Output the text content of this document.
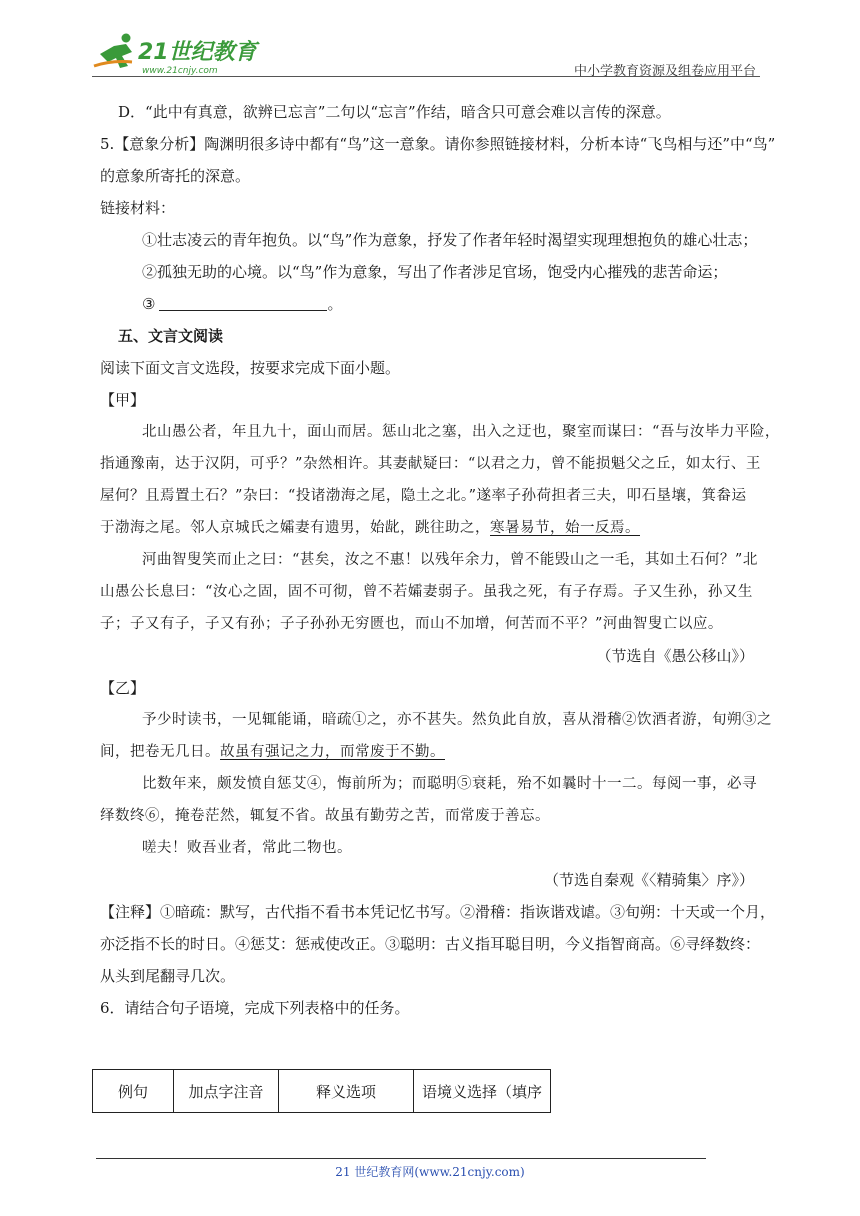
21世纪教育
www.21cnjy.com	中小学教育资源及组卷应用平台

D．“此中有真意，欲辨已忘言”二句以“忘言”作结，暗含只可意会难以言传的深意。

5.【意象分析】陶渊明很多诗中都有“鸟”这一意象。请你参照链接材料，分析本诗“飞鸟相与还”中“鸟”

的意象所寄托的深意。

链接材料：

①壮志凌云的青年抱负。以“鸟”作为意象，抒发了作者年轻时渴望实现理想抱负的雄心壮志；

②孤独无助的心境。以“鸟”作为意象，写出了作者涉足官场，饱受内心摧残的悲苦命运；

③	。

五、文言文阅读

阅读下面文言文选段，按要求完成下面小题。

【甲】

北山愚公者，年且九十，面山而居。惩山北之塞，出入之迂也，聚室而谋曰：“吾与汝毕力平险，

指通豫南，达于汉阴，可乎？”杂然相许。其妻献疑曰：“以君之力，曾不能损魁父之丘，如太行、王

屋何？且焉置土石？”杂曰：“投诸渤海之尾，隐土之北。”遂率子孙荷担者三夫，叩石垦壤，箕畚运

于渤海之尾。邻人京城氏之孀妻有遗男，始龀，跳往助之，寒暑易节，始一反焉。

河曲智叟笑而止之曰：“甚矣，汝之不惠！以残年余力，曾不能毁山之一毛，其如土石何？”北

山愚公长息曰：“汝心之固，固不可彻，曾不若孀妻弱子。虽我之死，有子存焉。子又生孙，孙又生

子；子又有子，子又有孙；子子孙孙无穷匮也，而山不加增，何苦而不平？”河曲智叟亡以应。

（节选自《愚公移山》）

【乙】

予少时读书，一见辄能诵，暗疏①之，亦不甚失。然负此自放，喜从滑稽②饮酒者游，旬朔③之

间，把卷无几日。故虽有强记之力，而常废于不勤。

比数年来，颇发愤自惩艾④，悔前所为；而聪明⑤衰耗，殆不如曩时十一二。每阅一事，必寻

绎数终⑥，掩卷茫然，辄复不省。故虽有勤劳之苦，而常废于善忘。

嗟夫！败吾业者，常此二物也。

（节选自秦观《〈精骑集〉序》）

【注释】①暗疏：默写，古代指不看书本凭记忆书写。②滑稽：指诙谐戏谑。③旬朔：十天或一个月，

亦泛指不长的时日。④惩艾：惩戒使改正。③聪明：古义指耳聪目明，今义指智商高。⑥寻绎数终：

从头到尾翻寻几次。

6．请结合句子语境，完成下列表格中的任务。

例句	加点字注音	释义选项	语境义选择（填序
21 世纪教育网(www.21cnjy.com)
